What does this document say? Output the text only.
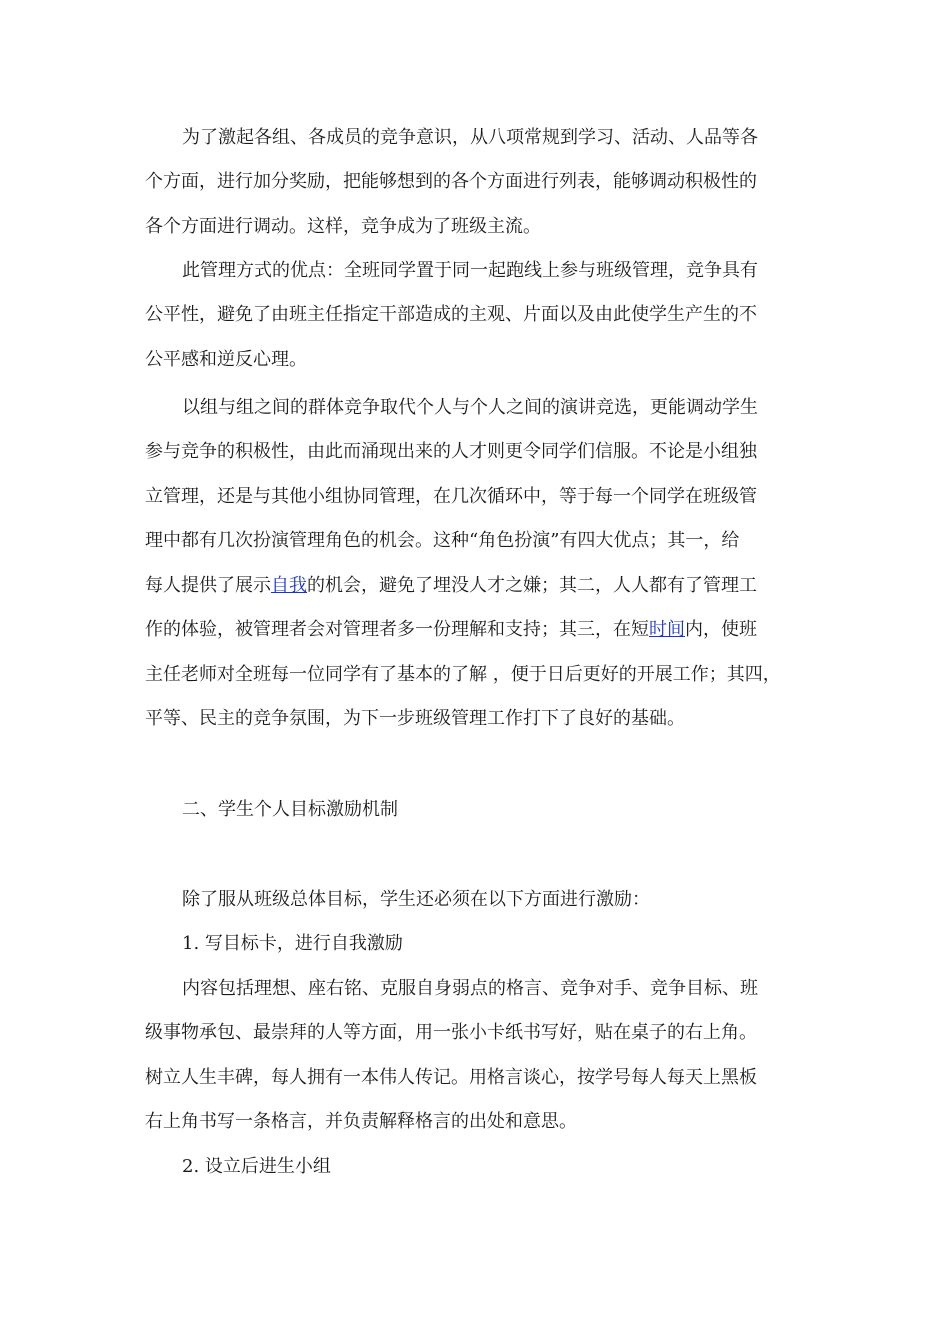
为了激起各组、各成员的竞争意识，从八项常规到学习、活动、人品等各
个方面，进行加分奖励，把能够想到的各个方面进行列表，能够调动积极性的
各个方面进行调动。这样，竞争成为了班级主流。
此管理方式的优点：全班同学置于同一起跑线上参与班级管理，竞争具有
公平性，避免了由班主任指定干部造成的主观、片面以及由此使学生产生的不
公平感和逆反心理。
以组与组之间的群体竞争取代个人与个人之间的演讲竞选，更能调动学生
参与竞争的积极性，由此而涌现出来的人才则更令同学们信服。不论是小组独
立管理，还是与其他小组协同管理，在几次循环中，等于每一个同学在班级管
理中都有几次扮演管理角色的机会。这种“角色扮演”有四大优点；其一，给
每人提供了展示自我的机会，避免了埋没人才之嫌；其二，人人都有了管理工
作的体验，被管理者会对管理者多一份理解和支持；其三，在短时间内，使班
主任老师对全班每一位同学有了基本的了解 ，便于日后更好的开展工作；其四，
平等、民主的竞争氛围，为下一步班级管理工作打下了良好的基础。
二、学生个人目标激励机制
除了服从班级总体目标，学生还必须在以下方面进行激励：
1. 写目标卡，进行自我激励
内容包括理想、座右铭、克服自身弱点的格言、竞争对手、竞争目标、班
级事物承包、最崇拜的人等方面，用一张小卡纸书写好，贴在桌子的右上角。
树立人生丰碑，每人拥有一本伟人传记。用格言谈心，按学号每人每天上黑板
右上角书写一条格言，并负责解释格言的出处和意思。
2. 设立后进生小组
